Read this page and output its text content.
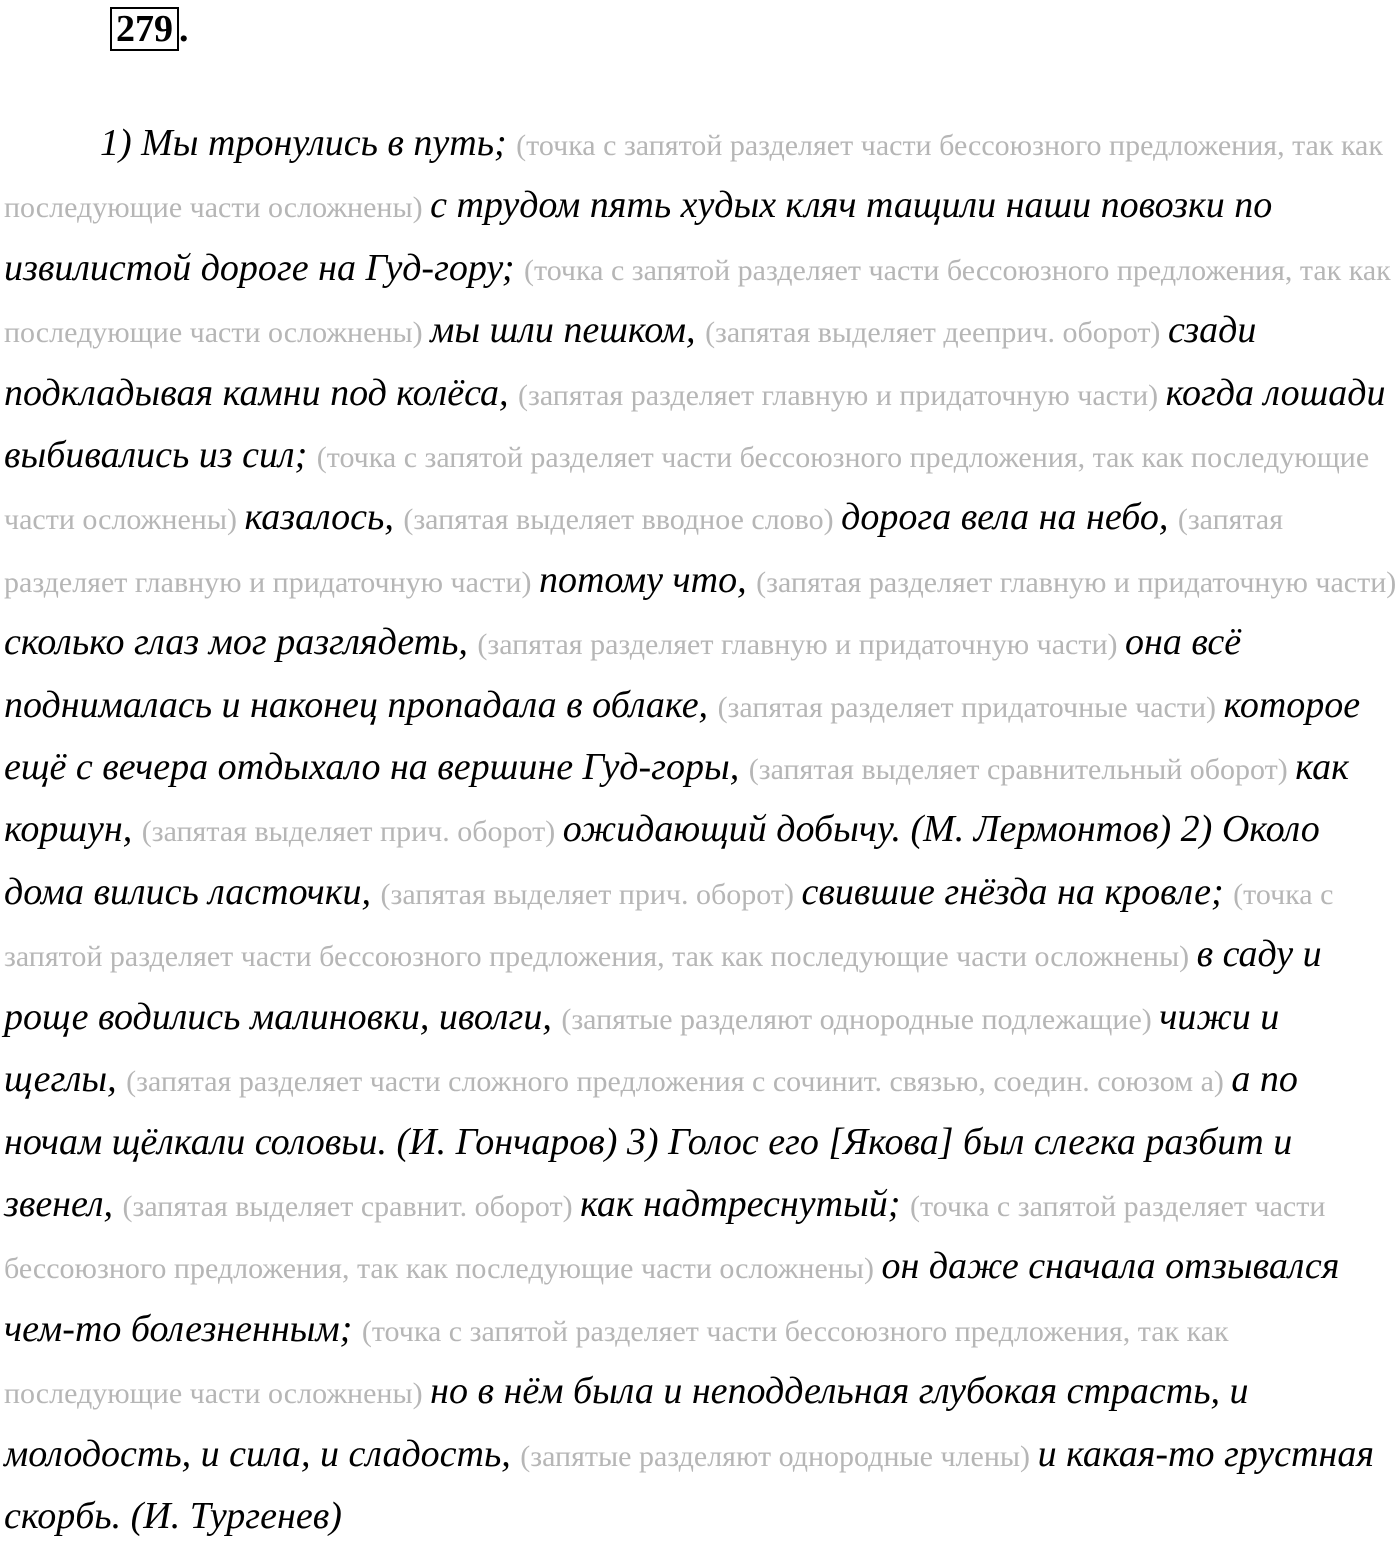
279 .

1) Мы тронулись в путь; (точка с запятой разделяет части бессоюзного предложения, так как последующие части осложнены) с трудом пять худых кляч тащили наши повозки по извилистой дороге на Гуд-гору; (точка с запятой разделяет части бессоюзного предложения, так как последующие части осложнены) мы шли пешком, (запятая выделяет дееприч. оборот) сзади подкладывая камни под колёса, (запятая разделяет главную и придаточную части) когда лошади выбивались из сил; (точка с запятой разделяет части бессоюзного предложения, так как последующие части осложнены) казалось, (запятая выделяет вводное слово) дорога вела на небо, (запятая разделяет главную и придаточную части) потому что, (запятая разделяет главную и придаточную части) сколько глаз мог разглядеть, (запятая разделяет главную и придаточную части) она всё поднималась и наконец пропадала в облаке, (запятая разделяет придаточные части) которое ещё с вечера отдыхало на вершине Гуд-горы, (запятая выделяет сравнительный оборот) как коршун, (запятая выделяет прич. оборот) ожидающий добычу. (М. Лермонтов) 2) Около дома вились ласточки, (запятая выделяет прич. оборот) свившие гнёзда на кровле; (точка с запятой разделяет части бессоюзного предложения, так как последующие части осложнены) в саду и роще водились малиновки, иволги, (запятые разделяют однородные подлежащие) чижи и щеглы, (запятая разделяет части сложного предложения с сочинит. связью, соедин. союзом а) а по ночам щёлкали соловьи. (И. Гончаров) 3) Голос его [Якова] был слегка разбит и звенел, (запятая выделяет сравнит. оборот) как надтреснутый; (точка с запятой разделяет части бессоюзного предложения, так как последующие части осложнены) он даже сначала отзывался чем-то болезненным; (точка с запятой разделяет части бессоюзного предложения, так как последующие части осложнены) но в нём была и неподдельная глубокая страсть, и молодость, и сила, и сладость, (запятые разделяют однородные члены) и какая-то грустная скорбь. (И. Тургенев)
